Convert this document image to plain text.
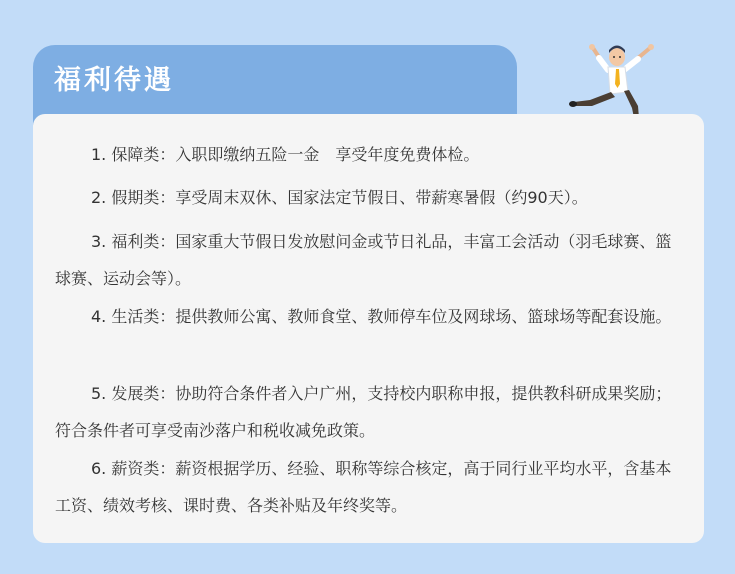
福利待遇

1. 保障类：入职即缴纳五险一金　享受年度免费体检。

2. 假期类：享受周末双休、国家法定节假日、带薪寒暑假（约90天）。

3. 福利类：国家重大节假日发放慰问金或节日礼品，丰富工会活动（羽毛球赛、篮球赛、运动会等）。

4. 生活类：提供教师公寓、教师食堂、教师停车位及网球场、篮球场等配套设施。

5. 发展类：协助符合条件者入户广州，支持校内职称申报，提供教科研成果奖励；符合条件者可享受南沙落户和税收减免政策。

6. 薪资类：薪资根据学历、经验、职称等综合核定，高于同行业平均水平，含基本工资、绩效考核、课时费、各类补贴及年终奖等。
